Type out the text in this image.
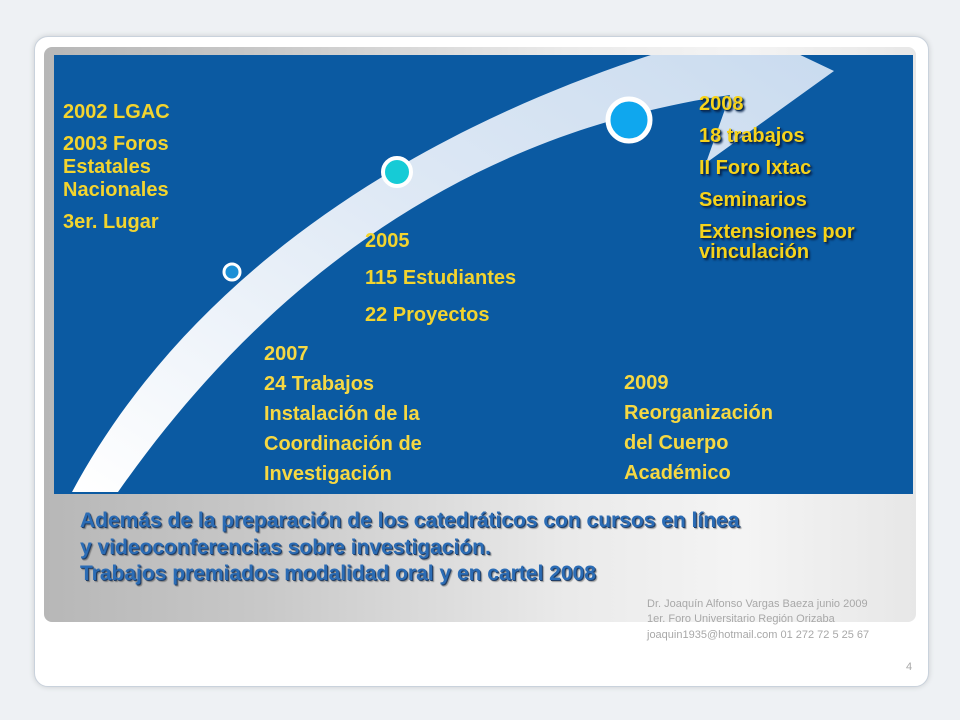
2002 LGAC
2003 Foros Estatales Nacionales
3er. Lugar
2005
115 Estudiantes
22 Proyectos
2008
18 trabajos
II Foro Ixtac
Seminarios
Extensiones por vinculación
2007
24 Trabajos
Instalación de la
Coordinación de
Investigación
2009
Reorganización
del Cuerpo
Académico
Además de la preparación de los catedráticos con cursos en línea
y videoconferencias sobre investigación.
Trabajos premiados modalidad oral y en cartel 2008
Dr. Joaquín Alfonso Vargas Baeza junio 2009 1er. Foro Universitario Región Orizaba joaquin1935@hotmail.com 01 272 72 5 25 67
4
